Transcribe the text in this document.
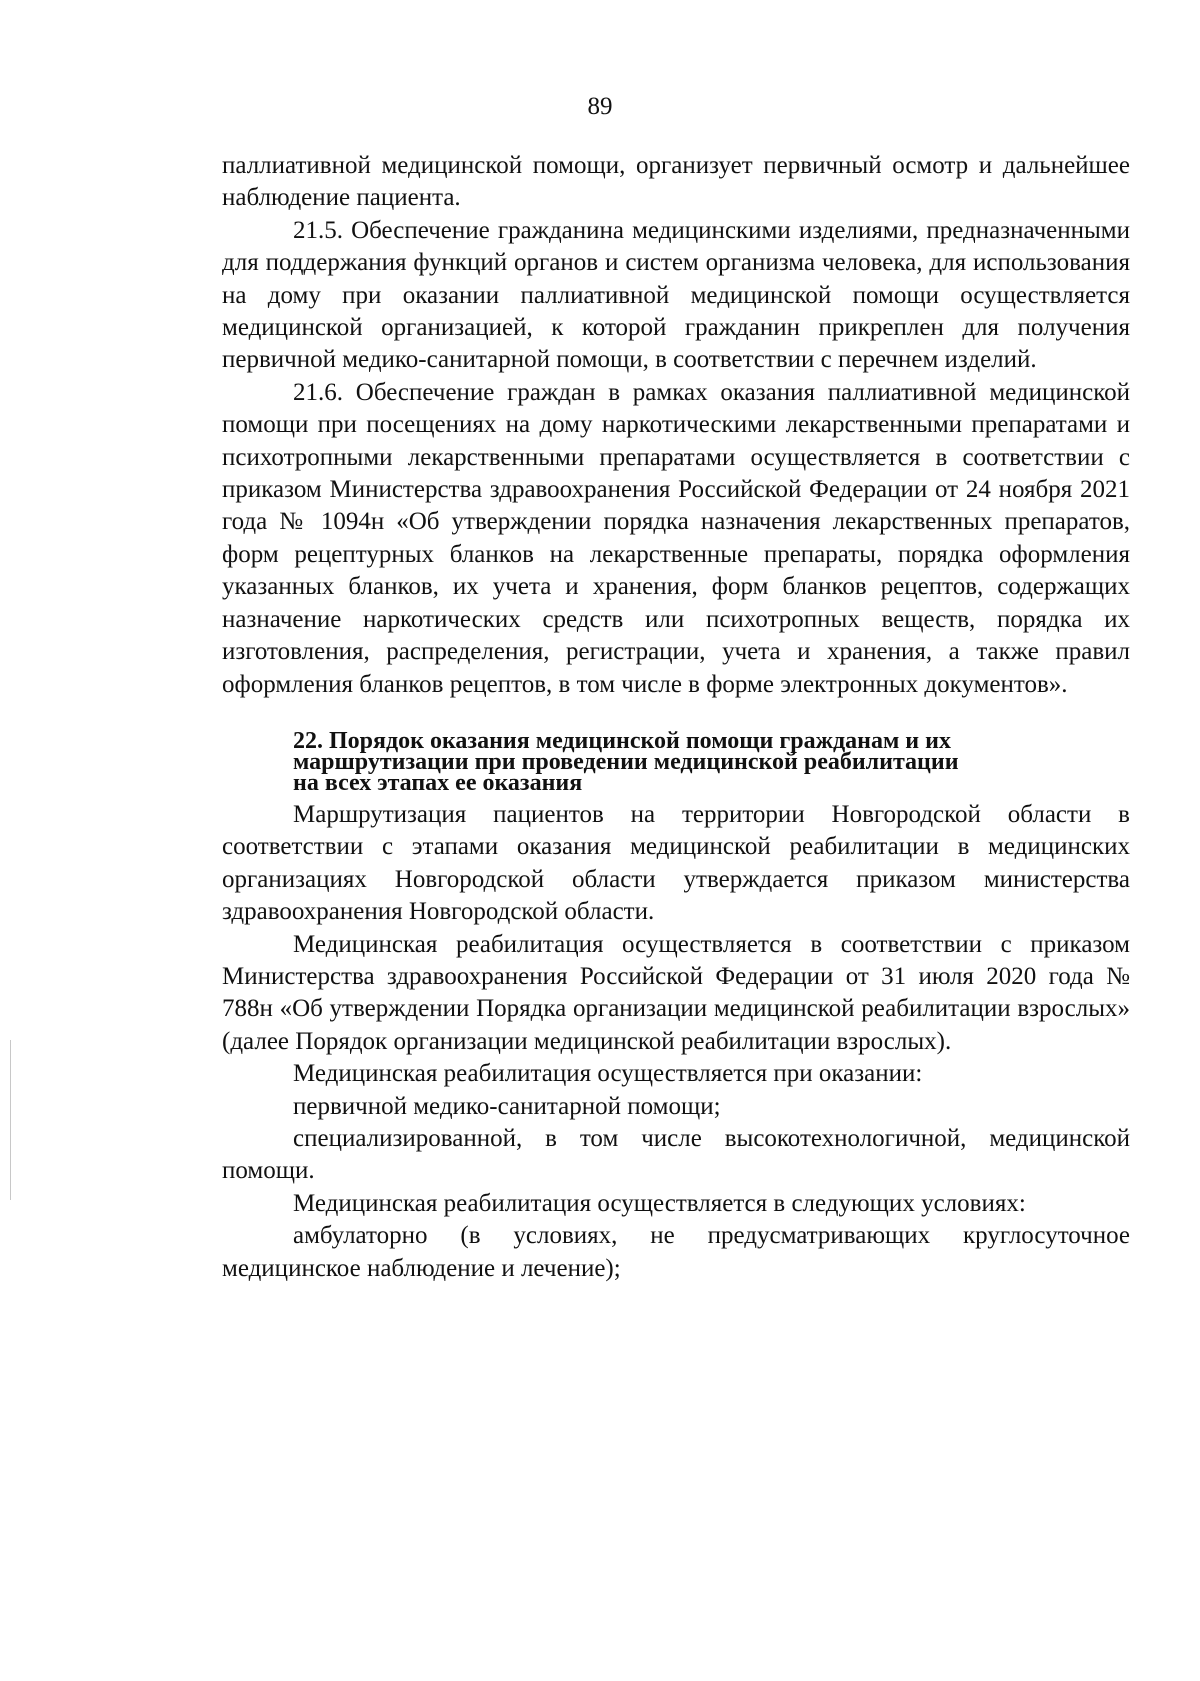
89

паллиативной медицинской помощи, организует первичный осмотр и дальнейшее наблюдение пациента.

21.5. Обеспечение гражданина медицинскими изделиями, предназначенными для поддержания функций органов и систем организма человека, для использования на дому при оказании паллиативной медицинской помощи осуществляется медицинской организацией, к которой гражданин прикреплен для получения первичной медико-санитарной помощи, в соответствии с перечнем изделий.

21.6. Обеспечение граждан в рамках оказания паллиативной медицинской помощи при посещениях на дому наркотическими лекарственными препаратами и психотропными лекарственными препаратами осуществляется в соответствии с приказом Министерства здравоохранения Российской Федерации от 24 ноября 2021 года № 1094н «Об утверждении порядка назначения лекарственных препаратов, форм рецептурных бланков на лекарственные препараты, порядка оформления указанных бланков, их учета и хранения, форм бланков рецептов, содержащих назначение наркотических средств или психотропных веществ, порядка их изготовления, распределения, регистрации, учета и хранения, а также правил оформления бланков рецептов, в том числе в форме электронных документов».

22. Порядок оказания медицинской помощи гражданам и их
маршрутизации при проведении медицинской реабилитации
на всех этапах ее оказания

Маршрутизация пациентов на территории Новгородской области в соответствии с этапами оказания медицинской реабилитации в медицинских организациях Новгородской области утверждается приказом министерства здравоохранения Новгородской области.

Медицинская реабилитация осуществляется в соответствии с приказом Министерства здравоохранения Российской Федерации от 31 июля 2020 года № 788н «Об утверждении Порядка организации медицинской реабилитации взрослых» (далее Порядок организации медицинской реабилитации взрослых).

Медицинская реабилитация осуществляется при оказании:

первичной медико-санитарной помощи;

специализированной, в том числе высокотехнологичной, медицинской помощи.

Медицинская реабилитация осуществляется в следующих условиях:

амбулаторно (в условиях, не предусматривающих круглосуточное медицинское наблюдение и лечение);
